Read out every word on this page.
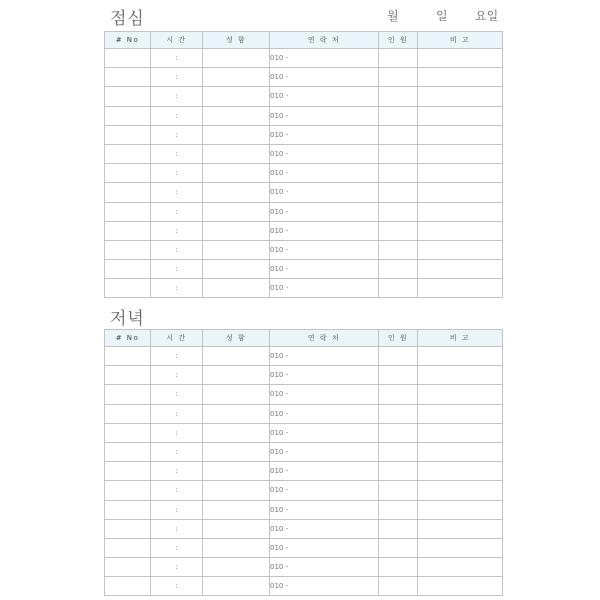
점심	월	일 요일
# No	시 간	성 함	연 락 처	인 원	비 고
	:		010 -		
	:		010 -		
	:		010 -		
	:		010 -		
	:		010 -		
	:		010 -		
	:		010 -		
	:		010 -		
	:		010 -		
	:		010 -		
	:		010 -		
	:		010 -		
	:		010 -		
저녁
# No	시 간	성 함	연 락 처	인 원	비 고
	:		010 -		
	:		010 -		
	:		010 -		
	:		010 -		
	:		010 -		
	:		010 -		
	:		010 -		
	:		010 -		
	:		010 -		
	:		010 -		
	:		010 -		
	:		010 -		
	:		010 -		
